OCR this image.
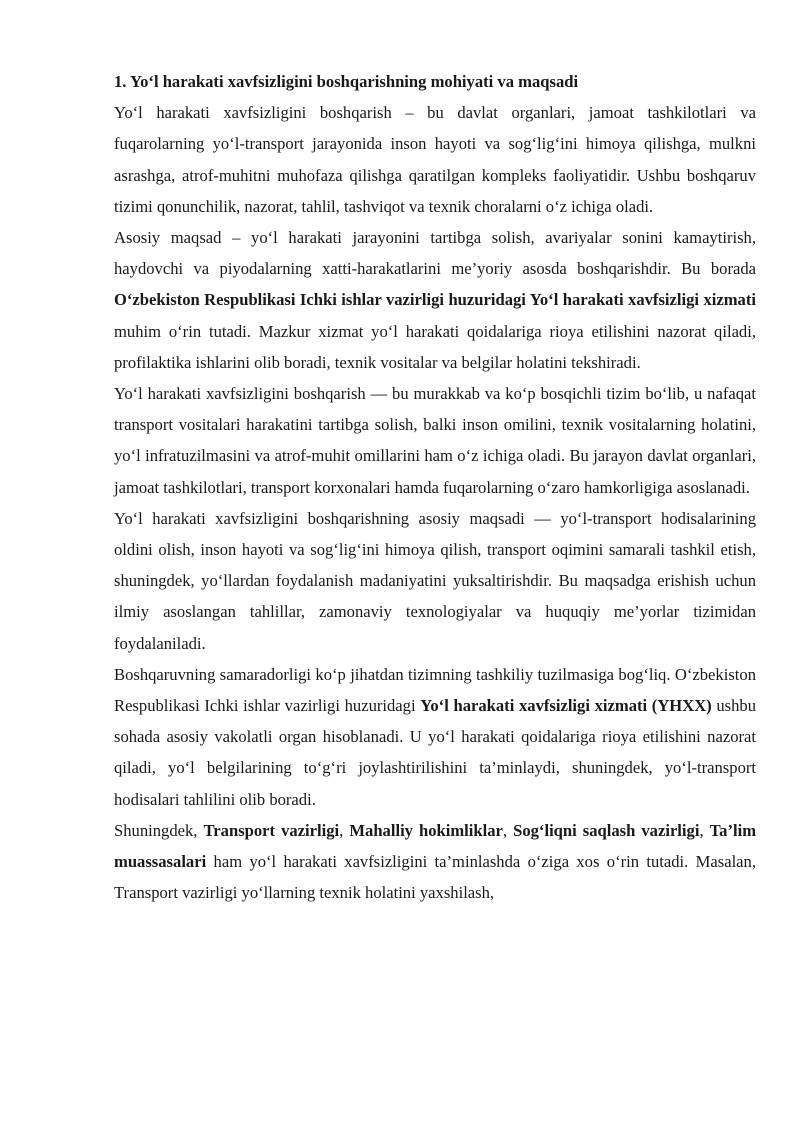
1. Yo‘l harakati xavfsizligini boshqarishning mohiyati va maqsadi

Yo‘l harakati xavfsizligini boshqarish – bu davlat organlari, jamoat tashkilotlari va fuqarolarning yo‘l-transport jarayonida inson hayoti va sog‘lig‘ini himoya qilishga, mulkni asrashga, atrof-muhitni muhofaza qilishga qaratilgan kompleks faoliyatidir. Ushbu boshqaruv tizimi qonunchilik, nazorat, tahlil, tashviqot va texnik choralarni o‘z ichiga oladi.

Asosiy maqsad – yo‘l harakati jarayonini tartibga solish, avariyalar sonini kamaytirish, haydovchi va piyodalarning xatti-harakatlarini me’yoriy asosda boshqarishdir. Bu borada O‘zbekiston Respublikasi Ichki ishlar vazirligi huzuridagi Yo‘l harakati xavfsizligi xizmati muhim o‘rin tutadi. Mazkur xizmat yo‘l harakati qoidalariga rioya etilishini nazorat qiladi, profilaktika ishlarini olib boradi, texnik vositalar va belgilar holatini tekshiradi.

Yo‘l harakati xavfsizligini boshqarish — bu murakkab va ko‘p bosqichli tizim bo‘lib, u nafaqat transport vositalari harakatini tartibga solish, balki inson omilini, texnik vositalarning holatini, yo‘l infratuzilmasini va atrof-muhit omillarini ham o‘z ichiga oladi. Bu jarayon davlat organlari, jamoat tashkilotlari, transport korxonalari hamda fuqarolarning o‘zaro hamkorligiga asoslanadi.

Yo‘l harakati xavfsizligini boshqarishning asosiy maqsadi — yo‘l-transport hodisalarining oldini olish, inson hayoti va sog‘lig‘ini himoya qilish, transport oqimini samarali tashkil etish, shuningdek, yo‘llardan foydalanish madaniyatini yuksaltirishdir. Bu maqsadga erishish uchun ilmiy asoslangan tahlillar, zamonaviy texnologiyalar va huquqiy me’yorlar tizimidan foydalaniladi.

Boshqaruvning samaradorligi ko‘p jihatdan tizimning tashkiliy tuzilmasiga bog‘liq. O‘zbekiston Respublikasi Ichki ishlar vazirligi huzuridagi Yo‘l harakati xavfsizligi xizmati (YHXX) ushbu sohada asosiy vakolatli organ hisoblanadi. U yo‘l harakati qoidalariga rioya etilishini nazorat qiladi, yo‘l belgilarining to‘g‘ri joylashtirilishini ta’minlaydi, shuningdek, yo‘l-transport hodisalari tahlilini olib boradi.

Shuningdek, Transport vazirligi, Mahalliy hokimliklar, Sog‘liqni saqlash vazirligi, Ta’lim muassasalari ham yo‘l harakati xavfsizligini ta’minlashda o‘ziga xos o‘rin tutadi. Masalan, Transport vazirligi yo‘llarning texnik holatini yaxshilash,
